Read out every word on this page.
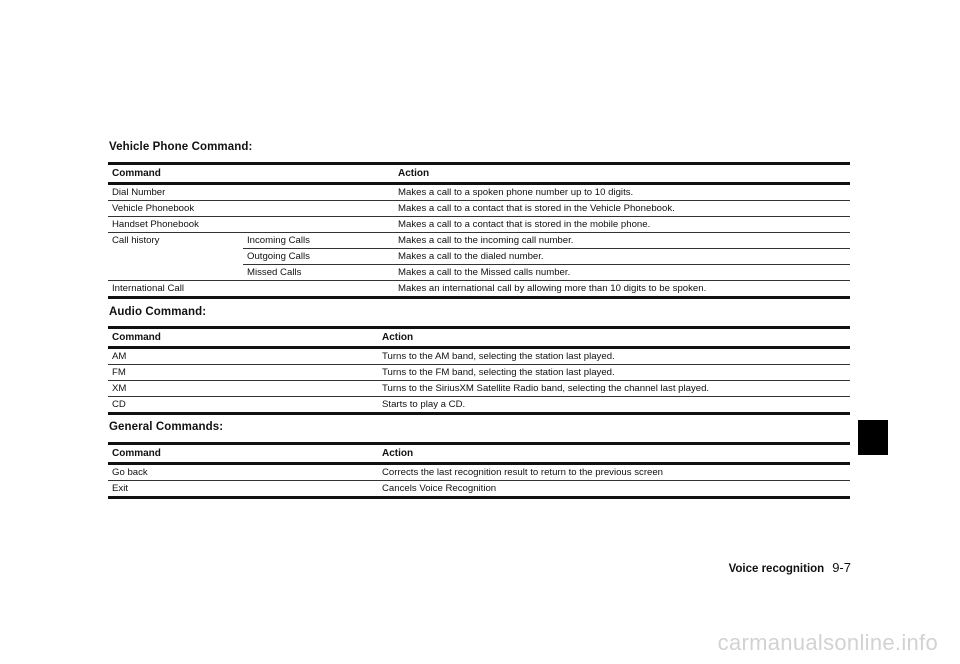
Vehicle Phone Command:
Command		Action
Dial Number		Makes a call to a spoken phone number up to 10 digits.
Vehicle Phonebook		Makes a call to a contact that is stored in the Vehicle Phonebook.
Handset Phonebook		Makes a call to a contact that is stored in the mobile phone.
Call history	Incoming Calls	Makes a call to the incoming call number.
	Outgoing Calls	Makes a call to the dialed number.
	Missed Calls	Makes a call to the Missed calls number.
International Call		Makes an international call by allowing more than 10 digits to be spoken.
Audio Command:
Command	Action
AM	Turns to the AM band, selecting the station last played.
FM	Turns to the FM band, selecting the station last played.
XM	Turns to the SiriusXM Satellite Radio band, selecting the channel last played.
CD	Starts to play a CD.
General Commands:
Command	Action
Go back	Corrects the last recognition result to return to the previous screen
Exit	Cancels Voice Recognition
Voice recognition 9-7
carmanualsonline.info
